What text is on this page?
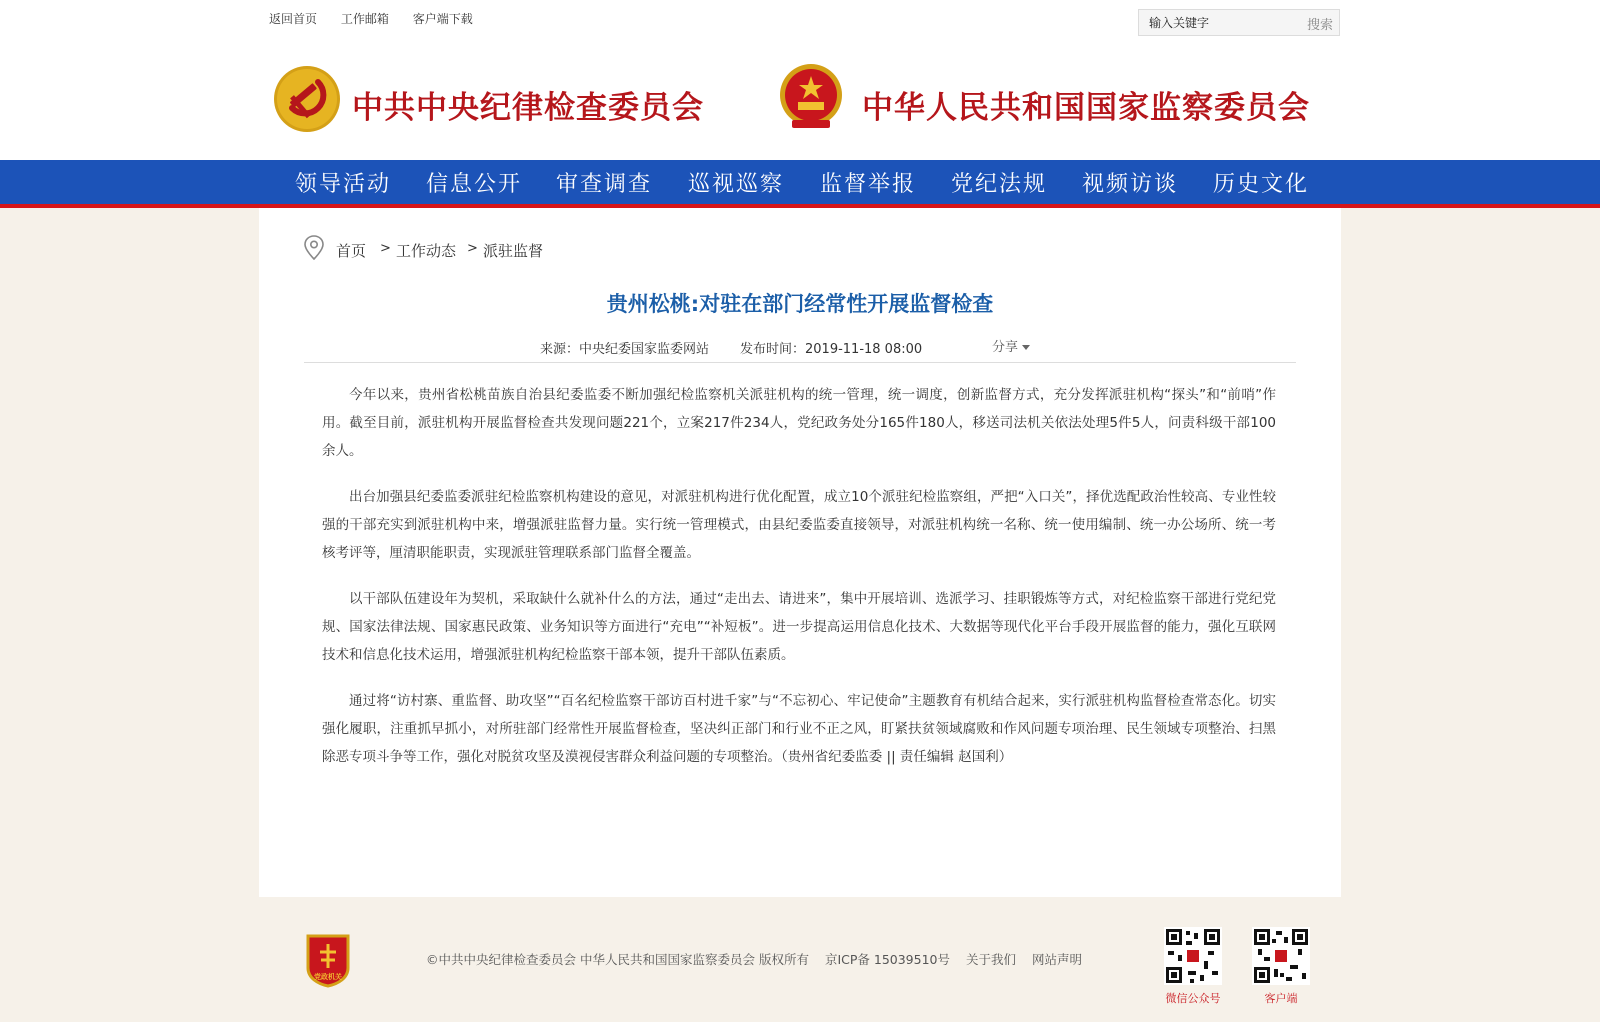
返回首页 工作邮箱 客户端下载
输入关键字	搜索
中共中央纪律检查委员会	中华人民共和国国家监察委员会
领导活动 信息公开 审查调查 巡视巡察 监督举报 党纪法规 视频访谈 历史文化
首页 > 工作动态 > 派驻监督
贵州松桃:对驻在部门经常性开展监督检查
来源：中央纪委国家监委网站 发布时间：2019-11-18 08:00	分享

今年以来，贵州省松桃苗族自治县纪委监委不断加强纪检监察机关派驻机构的统一管理，统一调度，创新监督方式，充分发挥派驻机构“探头”和“前哨”作用。截至目前，派驻机构开展监督检查共发现问题221个，立案217件234人，党纪政务处分165件180人，移送司法机关依法处理5件5人，问责科级干部100余人。

出台加强县纪委监委派驻纪检监察机构建设的意见，对派驻机构进行优化配置，成立10个派驻纪检监察组，严把“入口关”，择优选配政治性较高、专业性较强的干部充实到派驻机构中来，增强派驻监督力量。实行统一管理模式，由县纪委监委直接领导，对派驻机构统一名称、统一使用编制、统一办公场所、统一考核考评等，厘清职能职责，实现派驻管理联系部门监督全覆盖。

以干部队伍建设年为契机，采取缺什么就补什么的方法，通过“走出去、请进来”，集中开展培训、选派学习、挂职锻炼等方式，对纪检监察干部进行党纪党规、国家法律法规、国家惠民政策、业务知识等方面进行“充电”“补短板”。进一步提高运用信息化技术、大数据等现代化平台手段开展监督的能力，强化互联网技术和信息化技术运用，增强派驻机构纪检监察干部本领，提升干部队伍素质。

通过将“访村寨、重监督、助攻坚”“百名纪检监察干部访百村进千家”与“不忘初心、牢记使命”主题教育有机结合起来，实行派驻机构监督检查常态化。切实强化履职，注重抓早抓小，对所驻部门经常性开展监督检查，坚决纠正部门和行业不正之风，盯紧扶贫领域腐败和作风问题专项治理、民生领域专项整治、扫黑除恶专项斗争等工作，强化对脱贫攻坚及漠视侵害群众利益问题的专项整治。（贵州省纪委监委 || 责任编辑 赵国利）

党政机关
©中共中央纪律检查委员会 中华人民共和国国家监察委员会 版权所有 京ICP备 15039510号 关于我们 网站声明
微信公众号	客户端
